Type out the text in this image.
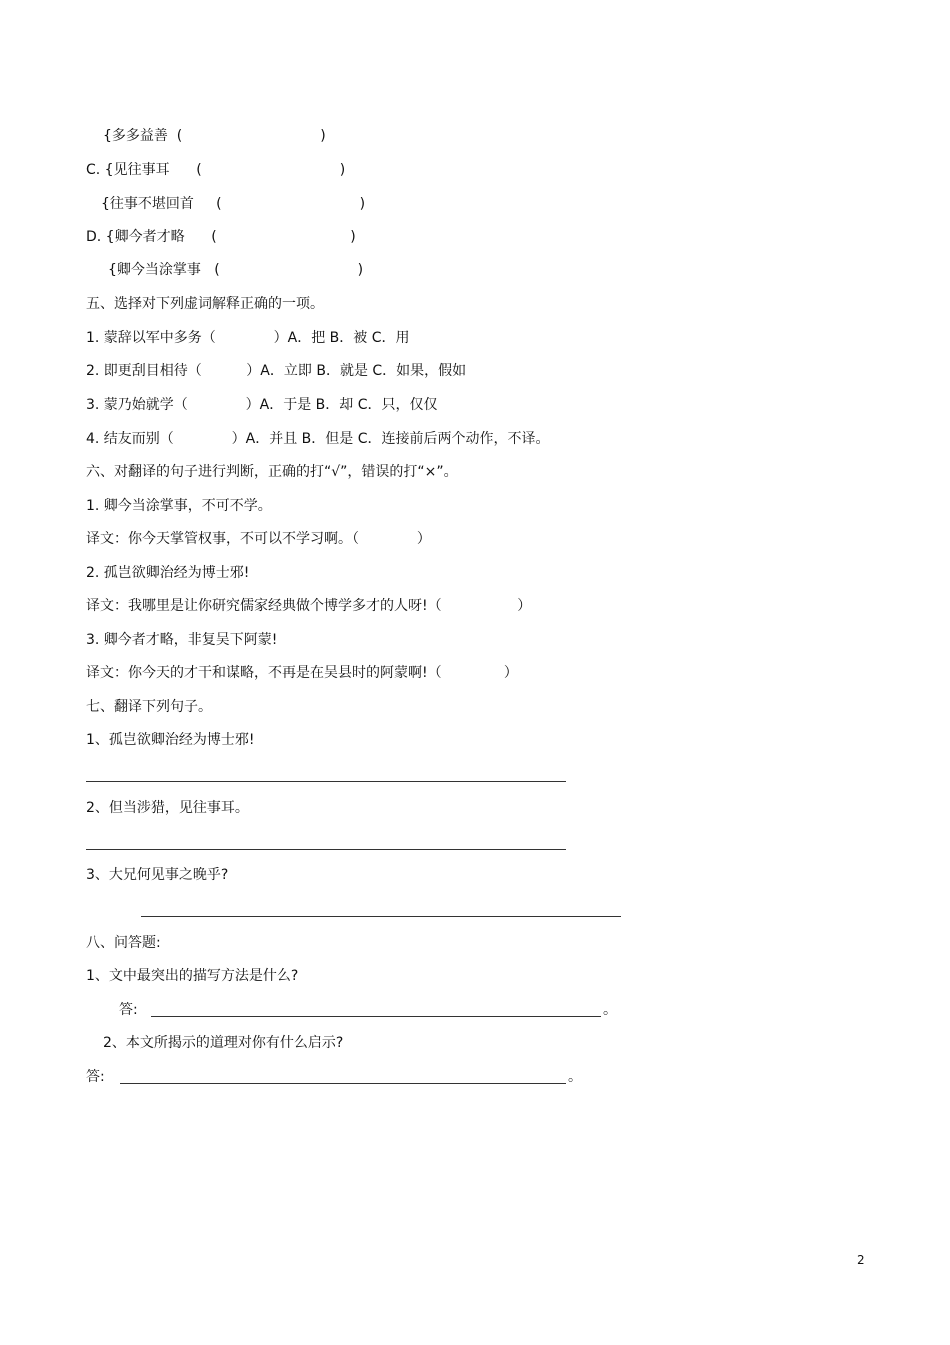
{多多益善  (                               )
C. {见往事耳      (                               )
{往事不堪回首     (                               )
D. {卿今者才略      (                              )
{卿今当涂掌事   (                               )
五、选择对下列虚词解释正确的一项。
1. 蒙辞以军中多务（             ）A．把 B．被 C．用
2. 即更刮目相待（          ）A．立即 B．就是 C．如果，假如
3. 蒙乃始就学（             ）A．于是 B．却 C．只，仅仅
4. 结友而别（             ）A．并且 B．但是 C．连接前后两个动作，不译。
六、对翻译的句子进行判断，正确的打“√”，错误的打“×”。
1. 卿今当涂掌事，不可不学。
译文：你今天掌管权事，不可以不学习啊。（             ）
2. 孤岂欲卿治经为博士邪!
译文：我哪里是让你研究儒家经典做个博学多才的人呀!（                 ）
3. 卿今者才略，非复吴下阿蒙!
译文：你今天的才干和谋略，不再是在吴县时的阿蒙啊!（              ）
七、翻译下列句子。
1、孤岂欲卿治经为博士邪!
2、但当涉猎，见往事耳。
3、大兄何见事之晚乎?
八、问答题:
1、文中最突出的描写方法是什么?
答:	。
2、本文所揭示的道理对你有什么启示?
答:	。
2
